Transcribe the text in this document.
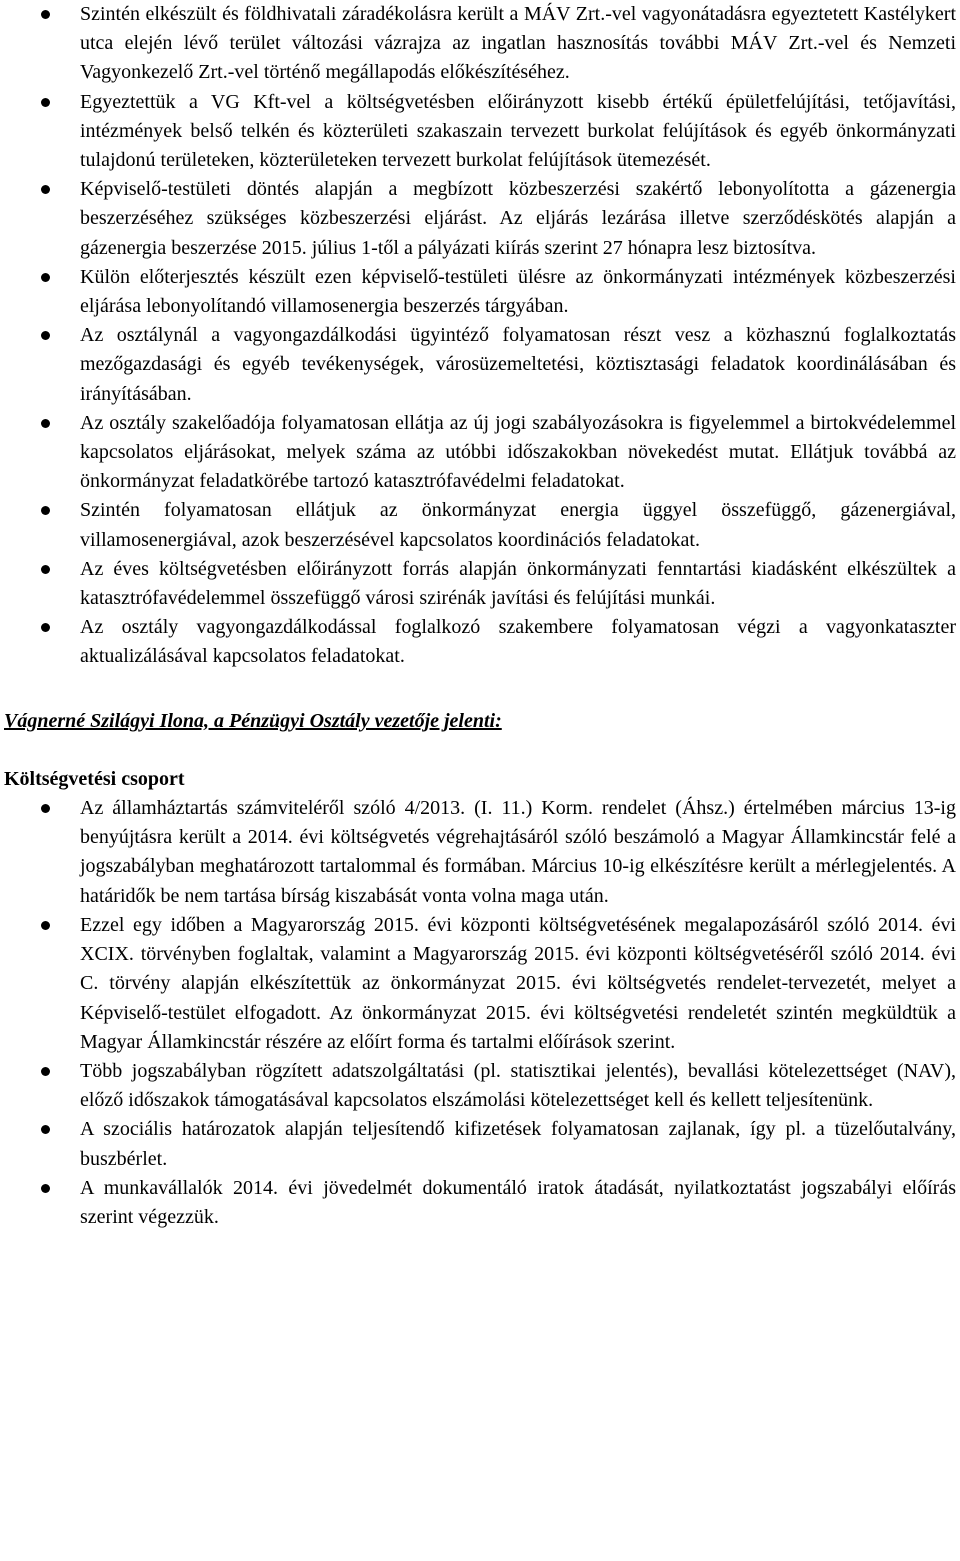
Szintén elkészült és földhivatali záradékolásra került a MÁV Zrt.-vel vagyonátadásra egyeztetett Kastélykert utca elején lévő terület változási vázrajza az ingatlan hasznosítás további MÁV Zrt.-vel és Nemzeti Vagyonkezelő Zrt.-vel történő megállapodás előkészítéséhez.
Egyeztettük a VG Kft-vel a költségvetésben előirányzott kisebb értékű épületfelújítási, tetőjavítási, intézmények belső telkén és közterületi szakaszain tervezett burkolat felújítások és egyéb önkormányzati tulajdonú területeken, közterületeken tervezett burkolat felújítások ütemezését.
Képviselő-testületi döntés alapján a megbízott közbeszerzési szakértő lebonyolította a gázenergia beszerzéséhez szükséges közbeszerzési eljárást. Az eljárás lezárása illetve szerződéskötés alapján a gázenergia beszerzése 2015. július 1-től a pályázati kiírás szerint 27 hónapra lesz biztosítva.
Külön előterjesztés készült ezen képviselő-testületi ülésre az önkormányzati intézmények közbeszerzési eljárása lebonyolítandó villamosenergia beszerzés tárgyában.
Az osztálynál a vagyongazdálkodási ügyintéző folyamatosan részt vesz a közhasznú foglalkoztatás mezőgazdasági és egyéb tevékenységek, városüzemeltetési, köztisztasági feladatok koordinálásában és irányításában.
Az osztály szakelőadója folyamatosan ellátja az új jogi szabályozásokra is figyelemmel a birtokvédelemmel kapcsolatos eljárásokat, melyek száma az utóbbi időszakokban növekedést mutat. Ellátjuk továbbá az önkormányzat feladatkörébe tartozó katasztrófavédelmi feladatokat.
Szintén folyamatosan ellátjuk az önkormányzat energia üggyel összefüggő, gázenergiával, villamosenergiával, azok beszerzésével kapcsolatos koordinációs feladatokat.
Az éves költségvetésben előirányzott forrás alapján önkormányzati fenntartási kiadásként elkészültek a katasztrófavédelemmel összefüggő városi szirénák javítási és felújítási munkái.
Az osztály vagyongazdálkodással foglalkozó szakembere folyamatosan végzi a vagyonkataszter aktualizálásával kapcsolatos feladatokat.
Vágnerné Szilágyi Ilona, a Pénzügyi Osztály vezetője jelenti:
Költségvetési csoport
Az államháztartás számviteléről szóló 4/2013. (I. 11.) Korm. rendelet (Áhsz.) értelmében március 13-ig benyújtásra került a 2014. évi költségvetés végrehajtásáról szóló beszámoló a Magyar Államkincstár felé a jogszabályban meghatározott tartalommal és formában. Március 10-ig elkészítésre került a mérlegjelentés. A határidők be nem tartása bírság kiszabását vonta volna maga után.
Ezzel egy időben a Magyarország 2015. évi központi költségvetésének megalapozásáról szóló 2014. évi XCIX. törvényben foglaltak, valamint a Magyarország 2015. évi központi költségvetéséről szóló 2014. évi C. törvény alapján elkészítettük az önkormányzat 2015. évi költségvetés rendelet-tervezetét, melyet a Képviselő-testület elfogadott. Az önkormányzat 2015. évi költségvetési rendeletét szintén megküldtük a Magyar Államkincstár részére az előírt forma és tartalmi előírások szerint.
Több jogszabályban rögzített adatszolgáltatási (pl. statisztikai jelentés), bevallási kötelezettséget (NAV), előző időszakok támogatásával kapcsolatos elszámolási kötelezettséget kell és kellett teljesítenünk.
A szociális határozatok alapján teljesítendő kifizetések folyamatosan zajlanak, így pl. a tüzelőutalvány, buszbérlet.
A munkavállalók 2014. évi jövedelmét dokumentáló iratok átadását, nyilatkoztatást jogszabályi előírás szerint végezzük.
